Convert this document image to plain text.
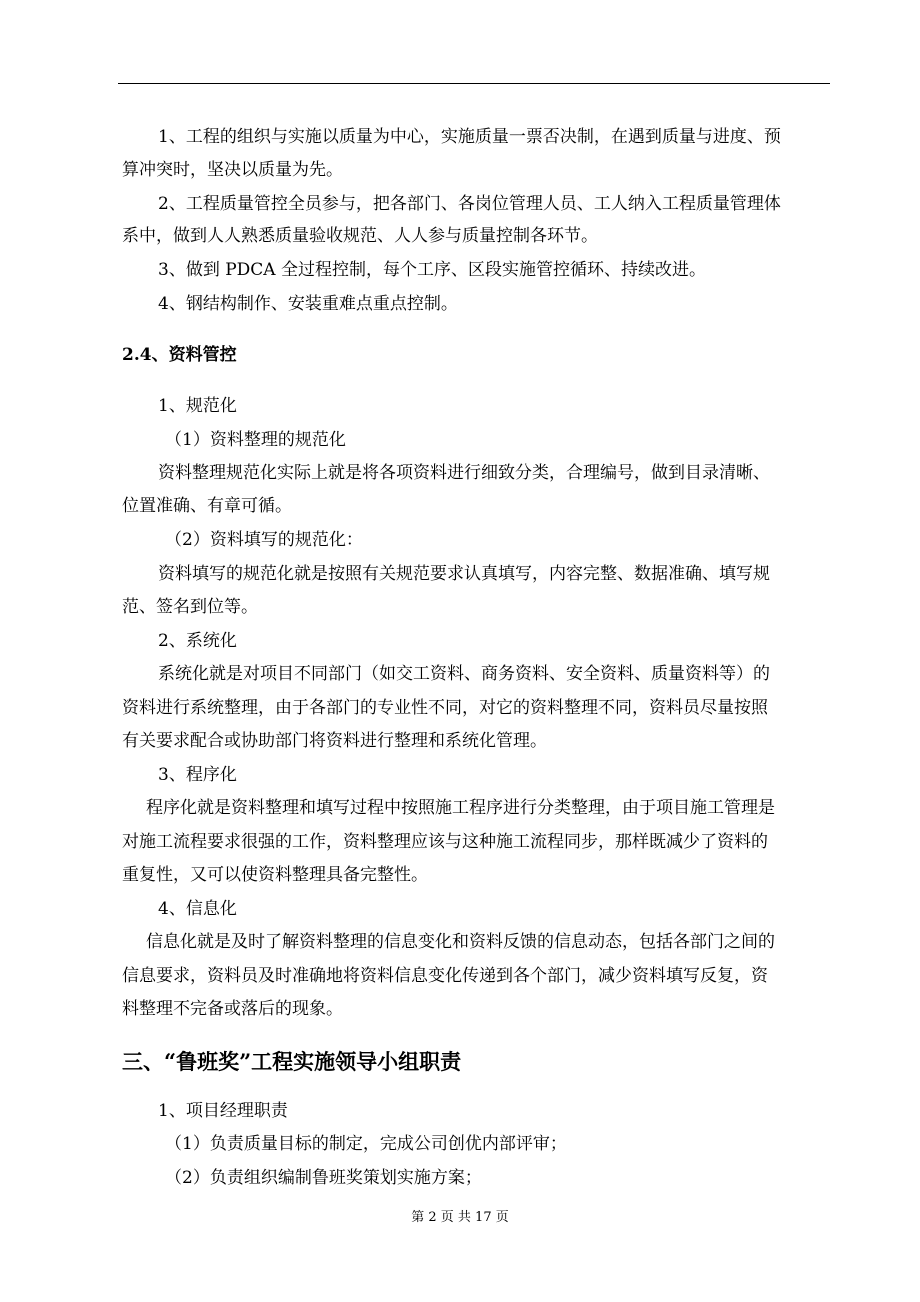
1、工程的组织与实施以质量为中心，实施质量一票否决制，在遇到质量与进度、预
算冲突时，坚决以质量为先。
2、工程质量管控全员参与，把各部门、各岗位管理人员、工人纳入工程质量管理体
系中，做到人人熟悉质量验收规范、人人参与质量控制各环节。
3、做到 PDCA 全过程控制，每个工序、区段实施管控循环、持续改进。
4、钢结构制作、安装重难点重点控制。
2.4、资料管控
1、规范化
（1）资料整理的规范化
资料整理规范化实际上就是将各项资料进行细致分类，合理编号，做到目录清晰、
位置准确、有章可循。
（2）资料填写的规范化：
资料填写的规范化就是按照有关规范要求认真填写，内容完整、数据准确、填写规
范、签名到位等。
2、系统化
系统化就是对项目不同部门（如交工资料、商务资料、安全资料、质量资料等）的
资料进行系统整理，由于各部门的专业性不同，对它的资料整理不同，资料员尽量按照
有关要求配合或协助部门将资料进行整理和系统化管理。
3、程序化
程序化就是资料整理和填写过程中按照施工程序进行分类整理，由于项目施工管理是
对施工流程要求很强的工作，资料整理应该与这种施工流程同步，那样既减少了资料的
重复性，又可以使资料整理具备完整性。
4、信息化
信息化就是及时了解资料整理的信息变化和资料反馈的信息动态，包括各部门之间的
信息要求，资料员及时准确地将资料信息变化传递到各个部门，减少资料填写反复，资
料整理不完备或落后的现象。
三、“鲁班奖”工程实施领导小组职责
1、项目经理职责
（1）负责质量目标的制定，完成公司创优内部评审；
（2）负责组织编制鲁班奖策划实施方案；
第 2 页 共 17 页
